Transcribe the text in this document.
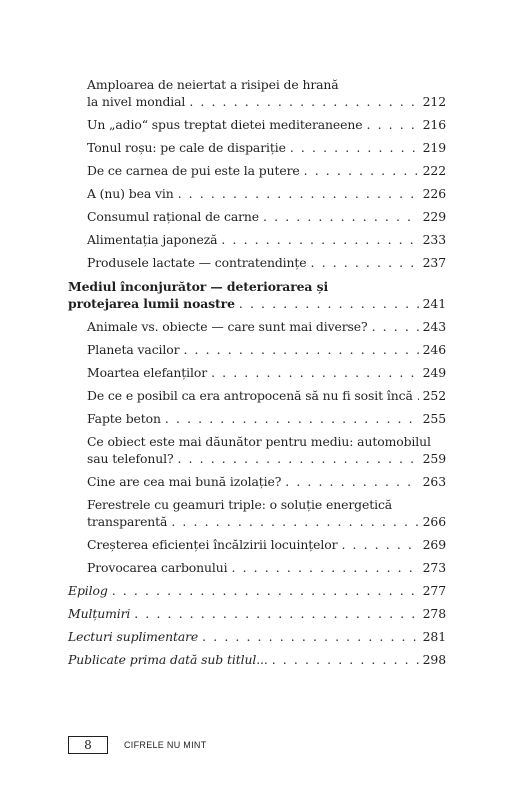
Amploarea de neiertat a risipei de hrană
la nivel mondial . . .	212
Un „adio“ spus treptat dietei mediteraneene . . .	216
Tonul roșu: pe cale de dispariție . . .	219
De ce carnea de pui este la putere . . .	222
A (nu) bea vin . . .	226
Consumul rațional de carne . . .	229
Alimentația japoneză . . .	233
Produsele lactate — contratendințe . . .	237
Mediul înconjurător — deteriorarea și
protejarea lumii noastre . . .	241
Animale vs. obiecte — care sunt mai diverse? . . .	243
Planeta vacilor . . .	246
Moartea elefanților . . .	249
De ce e posibil ca era antropocenă să nu fi sosit încă . . . 252
Fapte beton . . .	255
Ce obiect este mai dăunător pentru mediu: automobilul
sau telefonul? . . .	259
Cine are cea mai bună izolație? . . .	263
Ferestrele cu geamuri triple: o soluție energetică
transparentă . . .	266
Creșterea eficienței încălzirii locuințelor . . .	269
Provocarea carbonului . . .	273
Epilog . . .	277
Mulțumiri . . .	278
Lecturi suplimentare . . .	281
Publicate prima dată sub titlul... . . .	298
8	CIFRELE NU MINT
